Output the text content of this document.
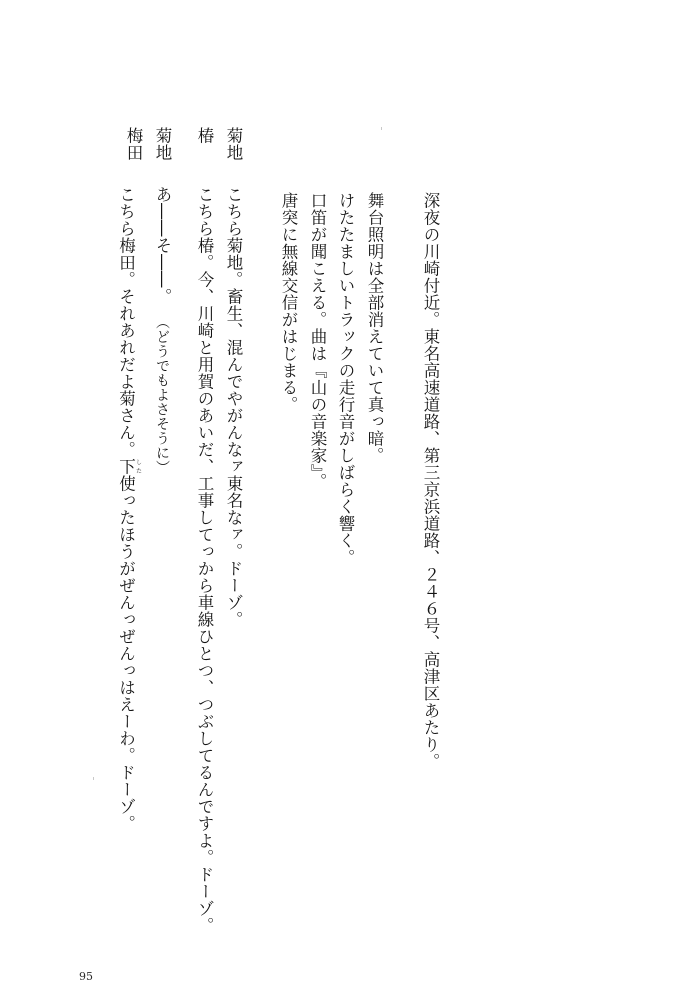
深夜の川崎付近。東名高速道路、第三京浜道路、２４６号、高津区あたり。

舞台照明は全部消えていて真っ暗。

けたたましいトラックの走行音がしばらく響く。

口笛が聞こえる。曲は『山の音楽家』。

唐突に無線交信がはじまる。

菊地

椿

菊地

梅田

こちら菊地。畜生、混んでやがんなァ東名なァ。ドーゾ。

こちら椿。今、川崎と用賀のあいだ、工事してっから車線ひとつ、つぶしてるんですよ。ドーゾ。

あ――そ――。（どうでもよさそうに）

こちら梅田。それあれだよ菊さん。下 した使ったほうがぜんっぜんっはえーわ。ドーゾ。

95
